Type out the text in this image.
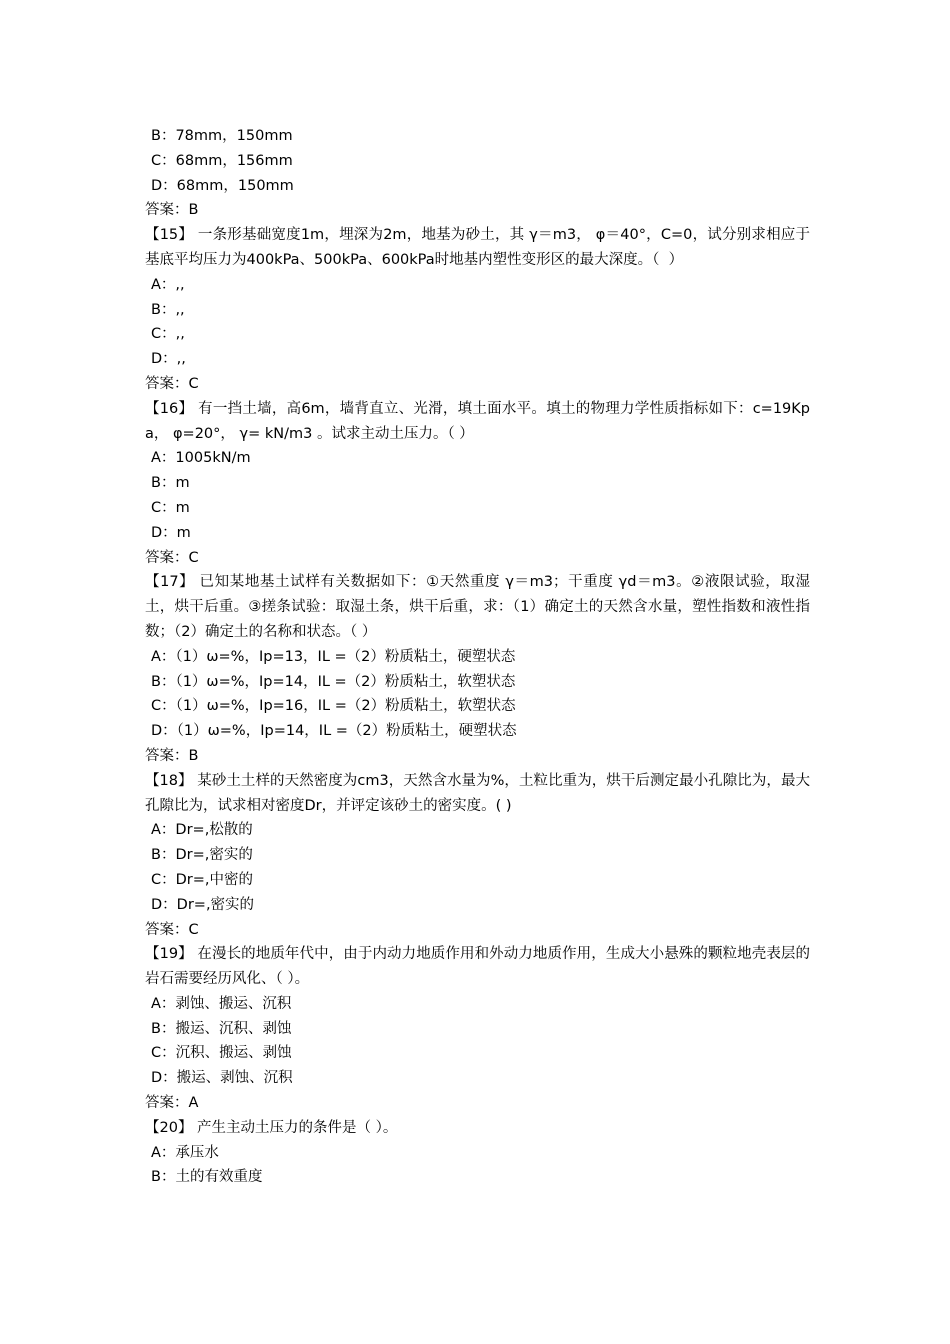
B：78mm，150mm
C：68mm，156mm
D：68mm，150mm
答案：B
【15】 一条形基础宽度1m，埋深为2m，地基为砂土，其 γ＝m3， φ＝40°，C=0，试分别求相应于基底平均压力为400kPa、500kPa、600kPa时地基内塑性变形区的最大深度。（  ）
A：,,
B：,,
C：,,
D：,,
答案：C
【16】 有一挡土墙，高6m，墙背直立、光滑，填土面水平。填土的物理力学性质指标如下：c=19Kpa， φ=20°， γ= kN/m3 。试求主动土压力。（ ）
A：1005kN/m
B：m
C：m
D：m
答案：C
【17】 已知某地基土试样有关数据如下：①天然重度 γ＝m3；干重度 γd＝m3。②液限试验，取湿土，烘干后重。③搓条试验：取湿土条，烘干后重，求：（1）确定土的天然含水量，塑性指数和液性指数；（2）确定土的名称和状态。（ ）
A：（1）ω=%，Ip=13，IL =（2）粉质粘土，硬塑状态
B：（1）ω=%，Ip=14，IL =（2）粉质粘土，软塑状态
C：（1）ω=%，Ip=16，IL =（2）粉质粘土，软塑状态
D：（1）ω=%，Ip=14，IL =（2）粉质粘土，硬塑状态
答案：B
【18】 某砂土土样的天然密度为cm3，天然含水量为%，土粒比重为，烘干后测定最小孔隙比为，最大孔隙比为，试求相对密度Dr，并评定该砂土的密实度。( )
A：Dr=,松散的
B：Dr=,密实的
C：Dr=,中密的
D：Dr=,密实的
答案：C
【19】 在漫长的地质年代中，由于内动力地质作用和外动力地质作用，生成大小悬殊的颗粒地壳表层的岩石需要经历风化、（ ）。
A：剥蚀、搬运、沉积
B：搬运、沉积、剥蚀
C：沉积、搬运、剥蚀
D：搬运、剥蚀、沉积
答案：A
【20】 产生主动土压力的条件是（ ）。
A：承压水
B：土的有效重度
